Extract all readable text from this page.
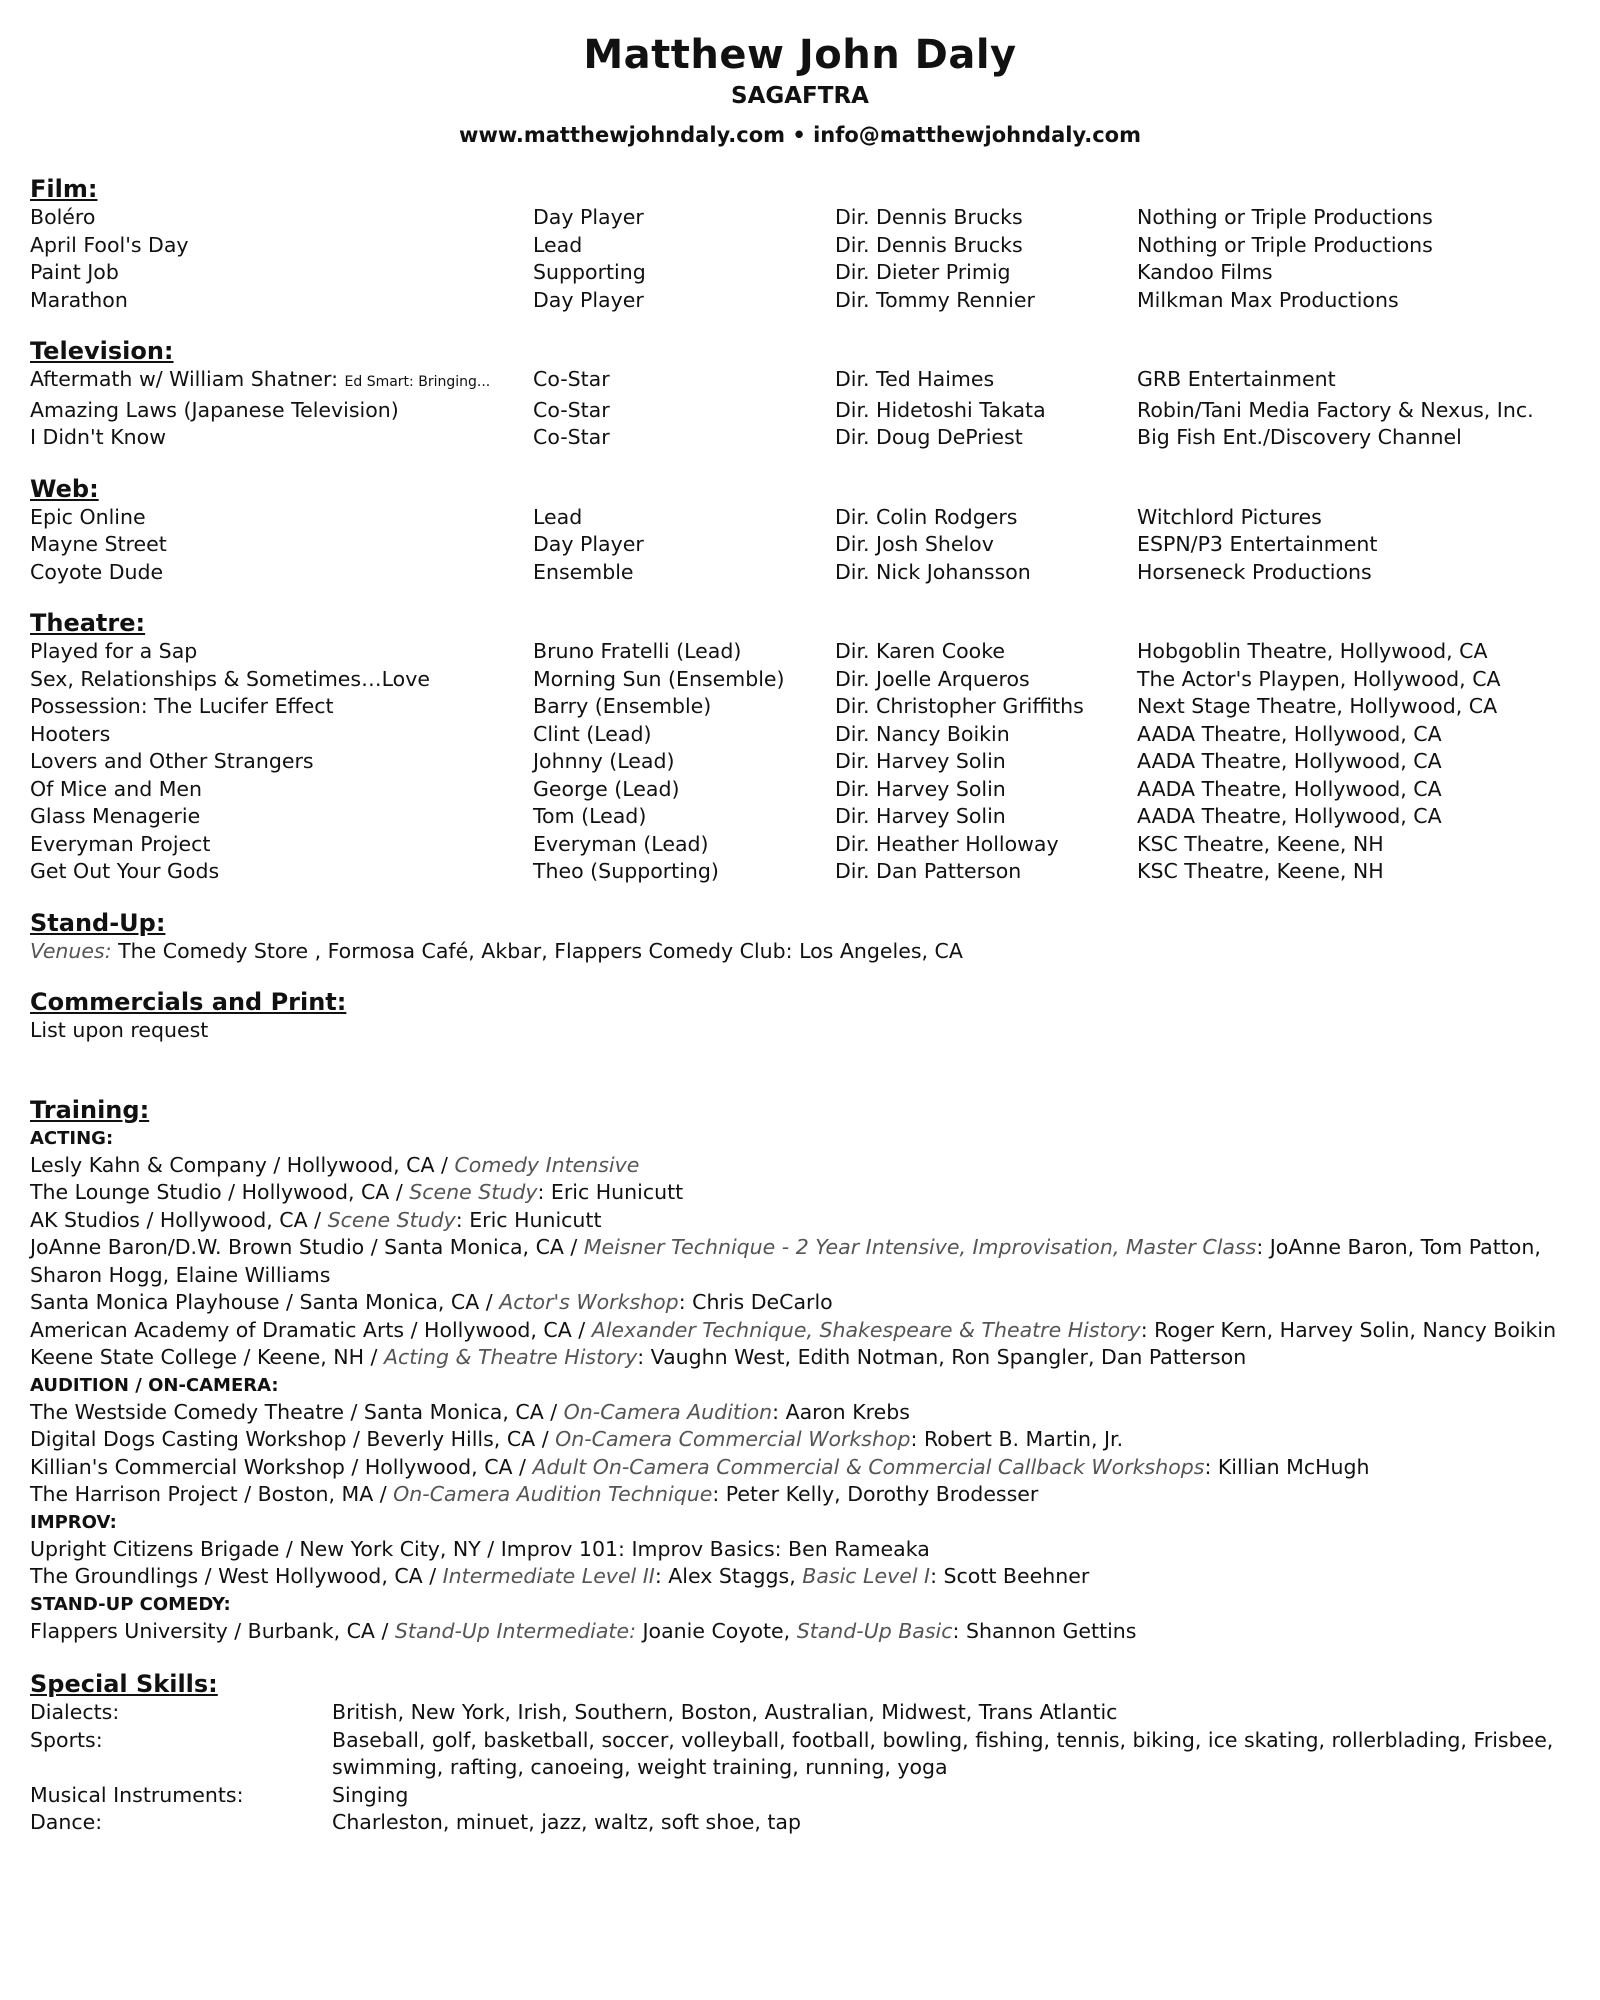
Matthew John Daly
SAGAFTRA
www.matthewjohndaly.com • info@matthewjohndaly.com
Film:
Boléro	Day Player	Dir. Dennis Brucks	Nothing or Triple Productions
April Fool's Day	Lead	Dir. Dennis Brucks	Nothing or Triple Productions
Paint Job	Supporting	Dir. Dieter Primig	Kandoo Films
Marathon	Day Player	Dir. Tommy Rennier	Milkman Max Productions
Television:
Aftermath w/ William Shatner: Ed Smart: Bringing...	Co-Star	Dir. Ted Haimes	GRB Entertainment
Amazing Laws (Japanese Television)	Co-Star	Dir. Hidetoshi Takata	Robin/Tani Media Factory & Nexus, Inc.
I Didn't Know	Co-Star	Dir. Doug DePriest	Big Fish Ent./Discovery Channel
Web:
Epic Online	Lead	Dir. Colin Rodgers	Witchlord Pictures
Mayne Street	Day Player	Dir. Josh Shelov	ESPN/P3 Entertainment
Coyote Dude	Ensemble	Dir. Nick Johansson	Horseneck Productions
Theatre:
Played for a Sap	Bruno Fratelli (Lead)	Dir. Karen Cooke	Hobgoblin Theatre, Hollywood, CA
Sex, Relationships & Sometimes…Love	Morning Sun (Ensemble)	Dir. Joelle Arqueros	The Actor's Playpen, Hollywood, CA
Possession: The Lucifer Effect	Barry (Ensemble)	Dir. Christopher Griffiths	Next Stage Theatre, Hollywood, CA
Hooters	Clint (Lead)	Dir. Nancy Boikin	AADA Theatre, Hollywood, CA
Lovers and Other Strangers	Johnny (Lead)	Dir. Harvey Solin	AADA Theatre, Hollywood, CA
Of Mice and Men	George (Lead)	Dir. Harvey Solin	AADA Theatre, Hollywood, CA
Glass Menagerie	Tom (Lead)	Dir. Harvey Solin	AADA Theatre, Hollywood, CA
Everyman Project	Everyman (Lead)	Dir. Heather Holloway	KSC Theatre, Keene, NH
Get Out Your Gods	Theo (Supporting)	Dir. Dan Patterson	KSC Theatre, Keene, NH
Stand-Up:
Venues: The Comedy Store , Formosa Café, Akbar, Flappers Comedy Club: Los Angeles, CA
Commercials and Print:
List upon request
Training:
ACTING:
Lesly Kahn & Company / Hollywood, CA / Comedy Intensive
The Lounge Studio / Hollywood, CA / Scene Study: Eric Hunicutt
AK Studios / Hollywood, CA / Scene Study: Eric Hunicutt
JoAnne Baron/D.W. Brown Studio / Santa Monica, CA / Meisner Technique - 2 Year Intensive, Improvisation, Master Class: JoAnne Baron, Tom Patton, Sharon Hogg, Elaine Williams
Santa Monica Playhouse / Santa Monica, CA / Actor's Workshop: Chris DeCarlo
American Academy of Dramatic Arts / Hollywood, CA / Alexander Technique, Shakespeare & Theatre History: Roger Kern, Harvey Solin, Nancy Boikin
Keene State College / Keene, NH / Acting & Theatre History: Vaughn West, Edith Notman, Ron Spangler, Dan Patterson
AUDITION / ON-CAMERA:
The Westside Comedy Theatre / Santa Monica, CA / On-Camera Audition: Aaron Krebs
Digital Dogs Casting Workshop / Beverly Hills, CA / On-Camera Commercial Workshop: Robert B. Martin, Jr.
Killian's Commercial Workshop / Hollywood, CA / Adult On-Camera Commercial & Commercial Callback Workshops: Killian McHugh
The Harrison Project / Boston, MA / On-Camera Audition Technique: Peter Kelly, Dorothy Brodesser
IMPROV:
Upright Citizens Brigade / New York City, NY / Improv 101: Improv Basics: Ben Rameaka
The Groundlings / West Hollywood, CA / Intermediate Level II: Alex Staggs, Basic Level I: Scott Beehner
STAND-UP COMEDY:
Flappers University / Burbank, CA / Stand-Up Intermediate: Joanie Coyote, Stand-Up Basic: Shannon Gettins
Special Skills:
Dialects:	British, New York, Irish, Southern, Boston, Australian, Midwest, Trans Atlantic
Sports:	Baseball, golf, basketball, soccer, volleyball, football, bowling, fishing, tennis, biking, ice skating, rollerblading, Frisbee, swimming, rafting, canoeing, weight training, running, yoga
Musical Instruments:	Singing
Dance:	Charleston, minuet, jazz, waltz, soft shoe, tap
